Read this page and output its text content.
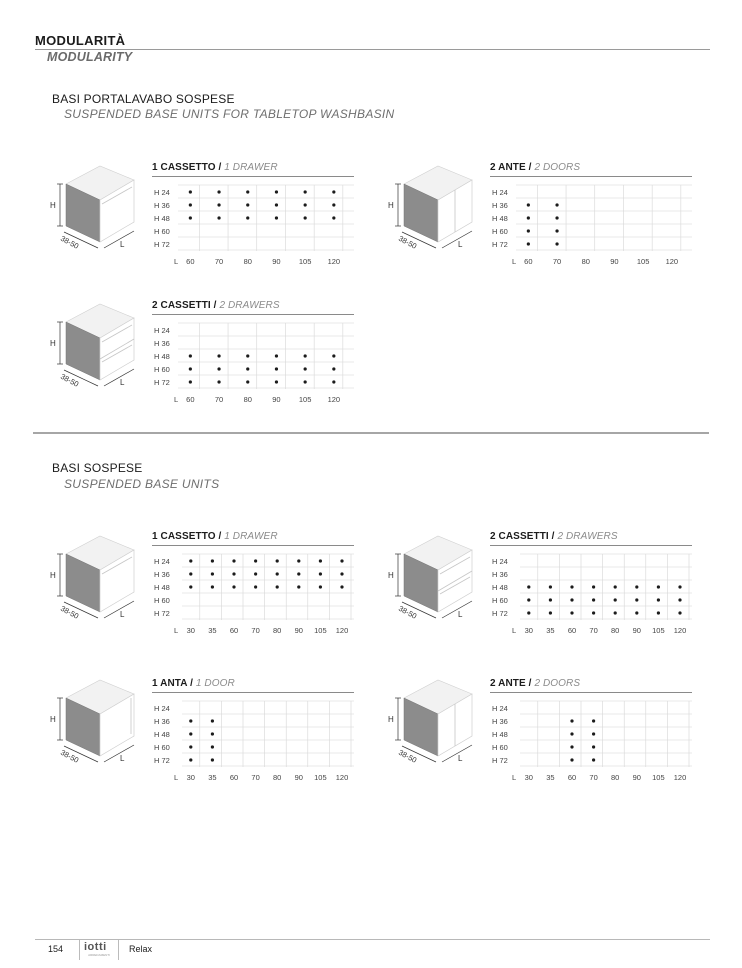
MODULARITÀ
MODULARITY
BASI PORTALAVABO SOSPESE
SUSPENDED BASE UNITS FOR TABLETOP WASHBASIN
BASI SOSPESE
SUSPENDED BASE UNITS
154 iotti
ARREDAMENTI
Relax
H
L
38-50
1 CASSETTO / 1 DRAWER
H 24
H 36
H 48
H 60
H 72
L 60	70	80	90 105 120
H
L
38-50
2 ANTE / 2 DOORS
H 24
H 36
H 48
H 60
H 72
L 60	70	80	90 105 120
H
L
38-50
2 CASSETTI / 2 DRAWERS
H 24
H 36
H 48
H 60
H 72
L 60	70	80	90 105 120
H
L
38-50
1 CASSETTO / 1 DRAWER
H 24
H 36
H 48
H 60
H 72
L 30 35 60 70 80 90 105 120
H
L
38-50
2 CASSETTI / 2 DRAWERS
H 24
H 36
H 48
H 60
H 72
L 30 35 60 70 80 90 105 120
H
L
38-50
1 ANTA / 1 DOOR
H 24
H 36
H 48
H 60
H 72
L 30 35 60 70 80 90 105 120
H
L
38-50
2 ANTE / 2 DOORS
H 24
H 36
H 48
H 60
H 72
L 30 35 60 70 80 90 105 120
